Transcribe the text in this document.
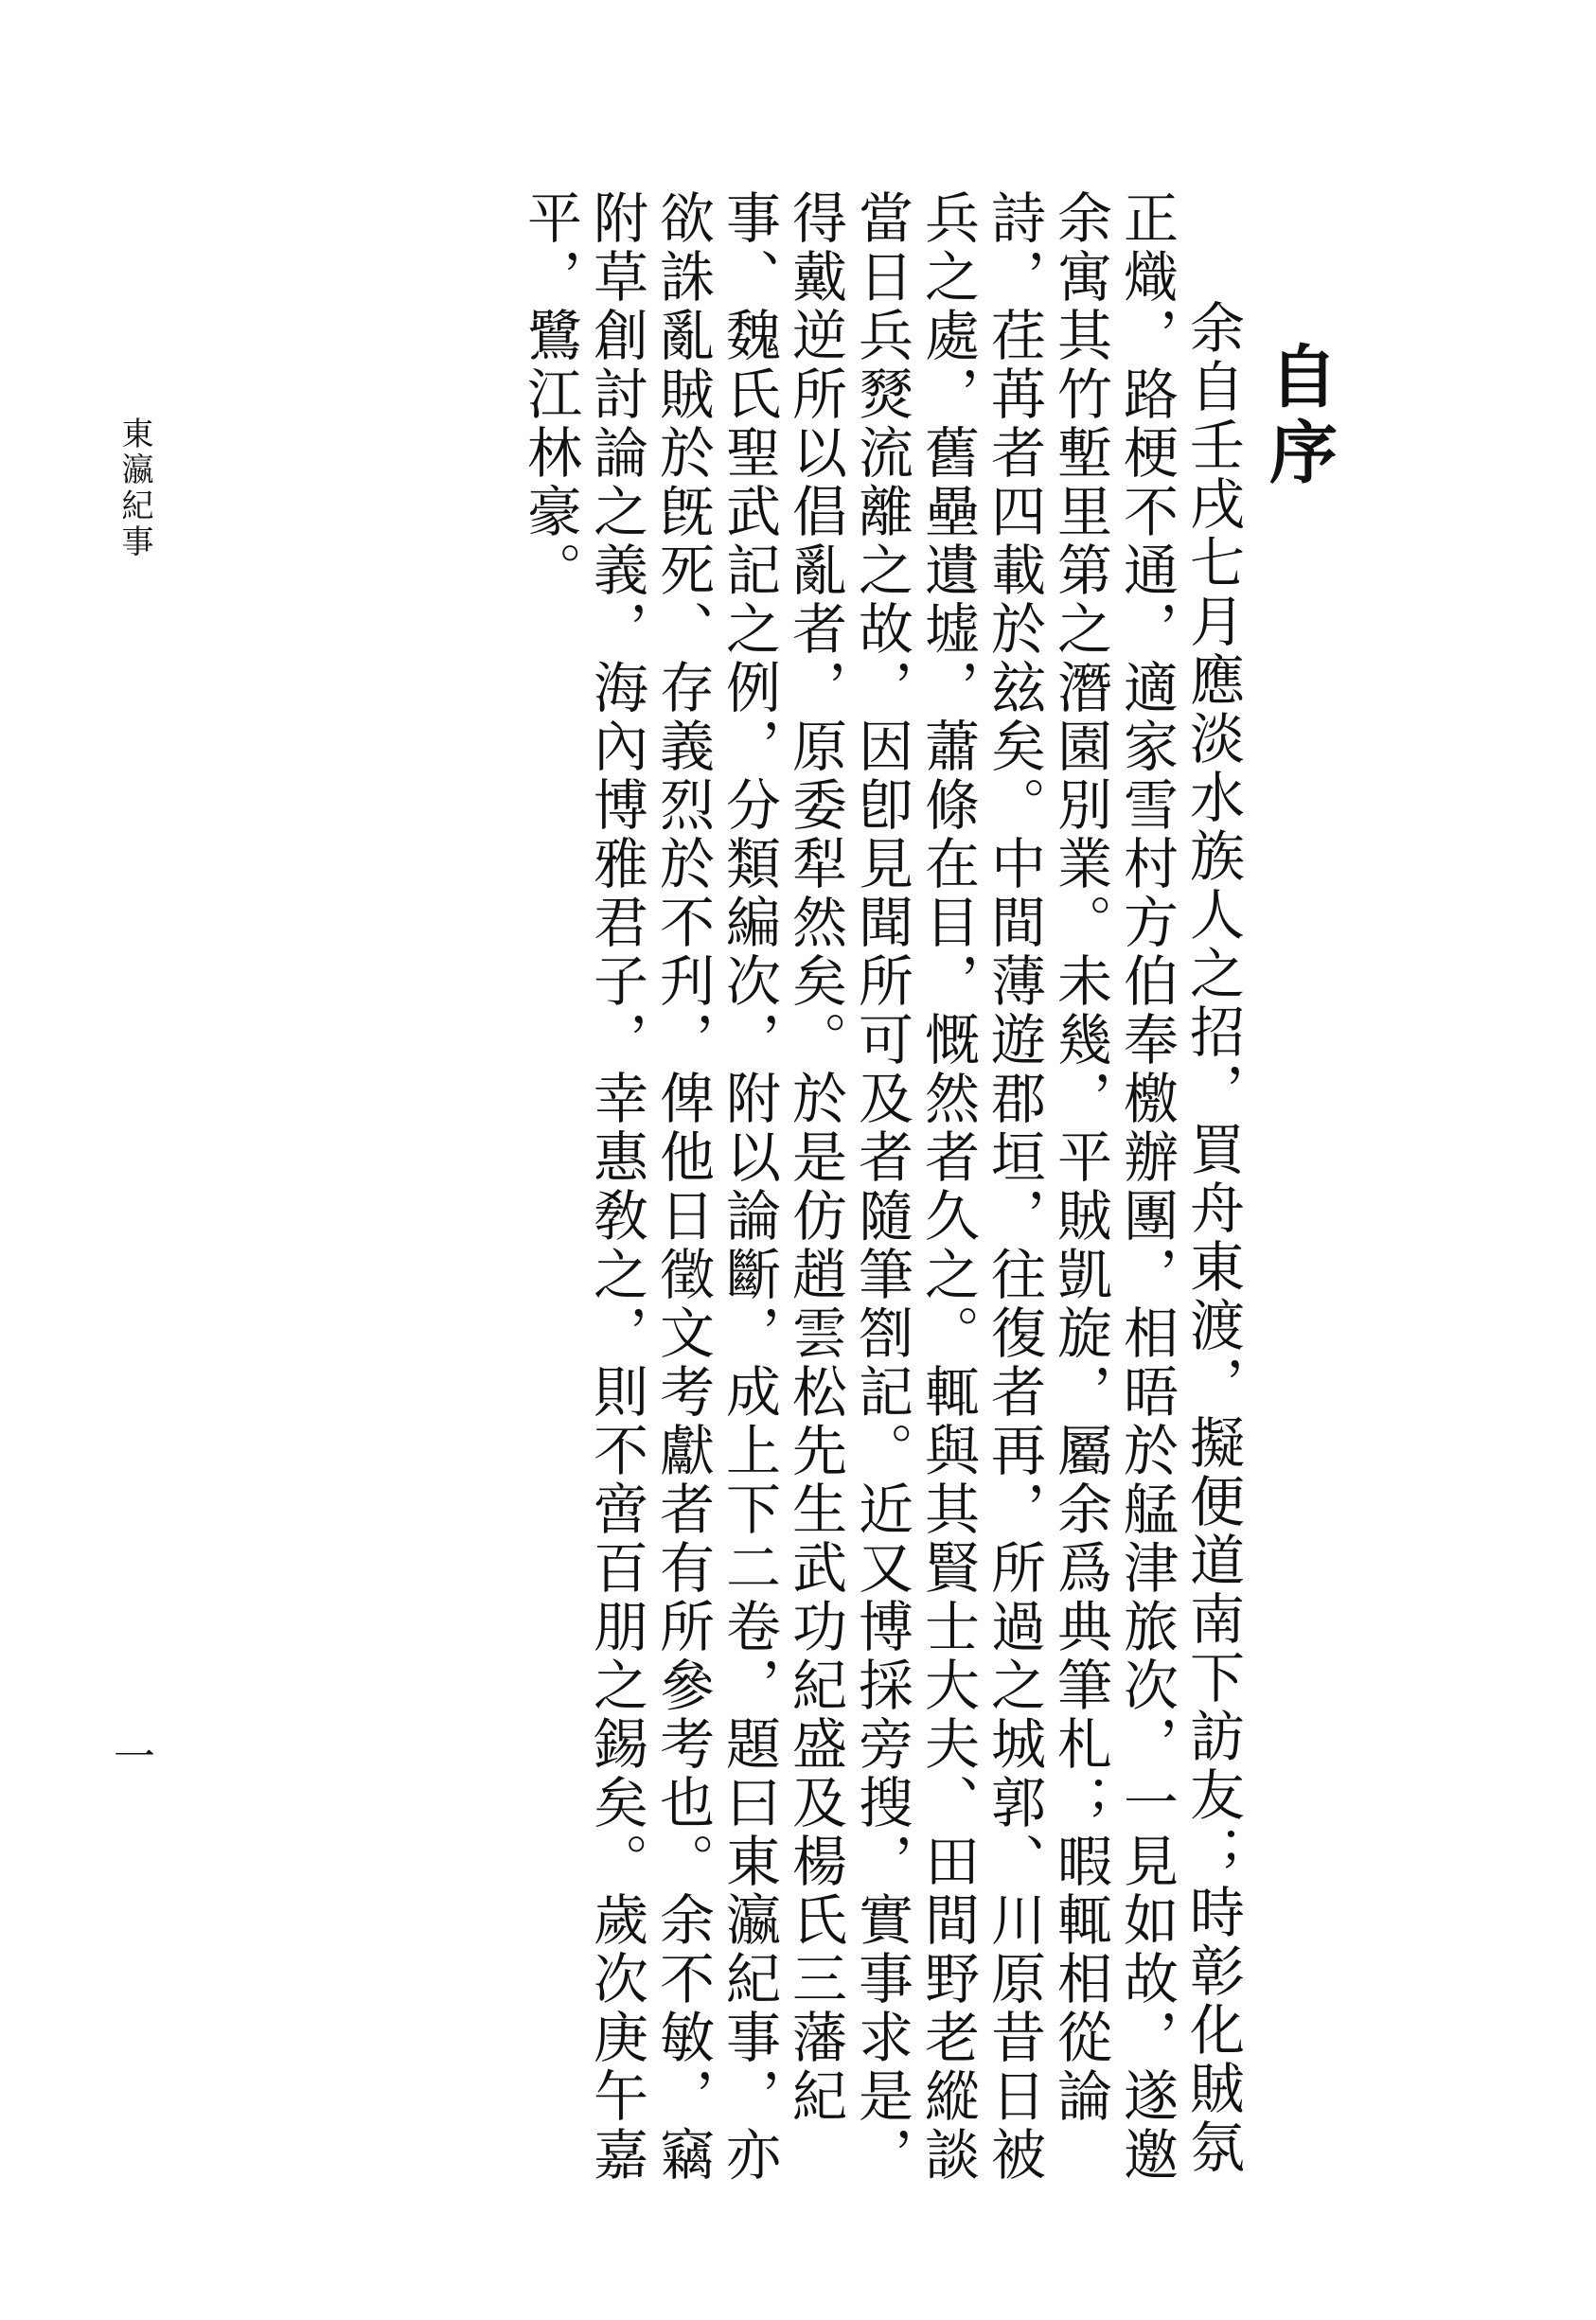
自序

余自壬戌七月應淡水族人之招，買舟東渡，擬便道南下訪友；時彰化賊氛正熾，路梗不通，適家雪村方伯奉檄辦團，相晤於艋津旅次，一見如故，遂邀余寓其竹塹里第之潛園別業。未幾，平賊凱旋，屬余爲典筆札；暇輒相從論詩，荏苒者四載於玆矣。中間薄遊郡垣，往復者再，所過之城郭、川原昔日被兵之處，舊壘遺墟，蕭條在目，慨然者久之。輒與其賢士大夫、田間野老縱談當日兵燹流離之故，因卽見聞所可及者隨筆劄記。近又博採旁搜，實事求是，得戴逆所以倡亂者，原委犁然矣。於是仿趙雲松先生武功紀盛及楊氏三藩紀事、魏氏聖武記之例，分類編次，附以論斷，成上下二卷，題曰東瀛紀事，亦欲誅亂賊於旣死、存義烈於不刋，俾他日徵文考獻者有所參考也。余不敏，竊附草創討論之義，海內博雅君子，幸惠敎之，則不啻百朋之錫矣。歲次庚午嘉平，鷺江林豪。

東瀛紀事
一
